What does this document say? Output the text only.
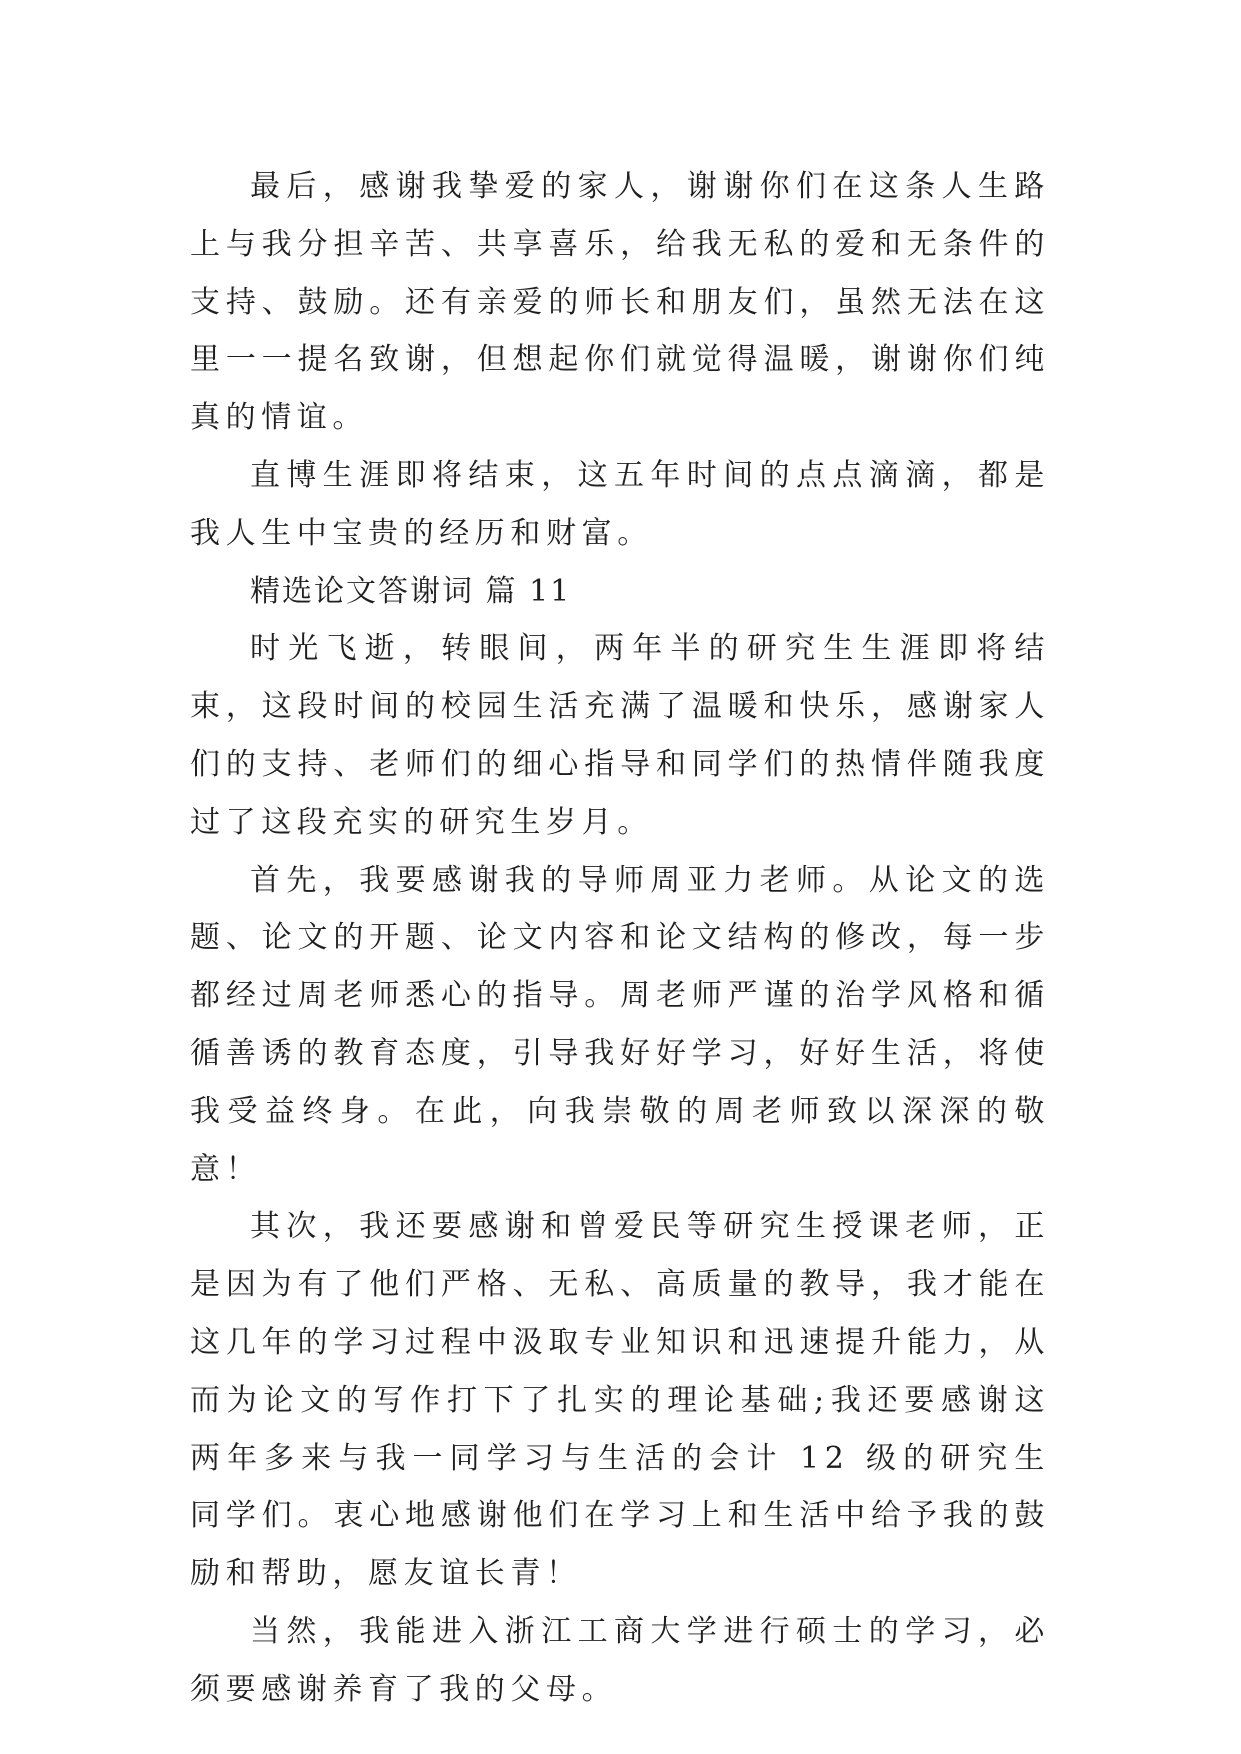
最后，感谢我挚爱的家人，谢谢你们在这条人生路上与我分担辛苦、共享喜乐，给我无私的爱和无条件的支持、鼓励。还有亲爱的师长和朋友们，虽然无法在这里一一提名致谢，但想起你们就觉得温暖，谢谢你们纯真的情谊。

直博生涯即将结束，这五年时间的点点滴滴，都是我人生中宝贵的经历和财富。

精选论文答谢词 篇 11

时光飞逝，转眼间，两年半的研究生生涯即将结束，这段时间的校园生活充满了温暖和快乐，感谢家人们的支持、老师们的细心指导和同学们的热情伴随我度过了这段充实的研究生岁月。

首先，我要感谢我的导师周亚力老师。从论文的选题、论文的开题、论文内容和论文结构的修改，每一步都经过周老师悉心的指导。周老师严谨的治学风格和循循善诱的教育态度，引导我好好学习，好好生活，将使我受益终身。在此，向我崇敬的周老师致以深深的敬意！

其次，我还要感谢和曾爱民等研究生授课老师，正是因为有了他们严格、无私、高质量的教导，我才能在这几年的学习过程中汲取专业知识和迅速提升能力，从而为论文的写作打下了扎实的理论基础;我还要感谢这两年多来与我一同学习与生活的会计 12 级的研究生同学们。衷心地感谢他们在学习上和生活中给予我的鼓励和帮助，愿友谊长青！

当然，我能进入浙江工商大学进行硕士的学习，必须要感谢养育了我的父母。
